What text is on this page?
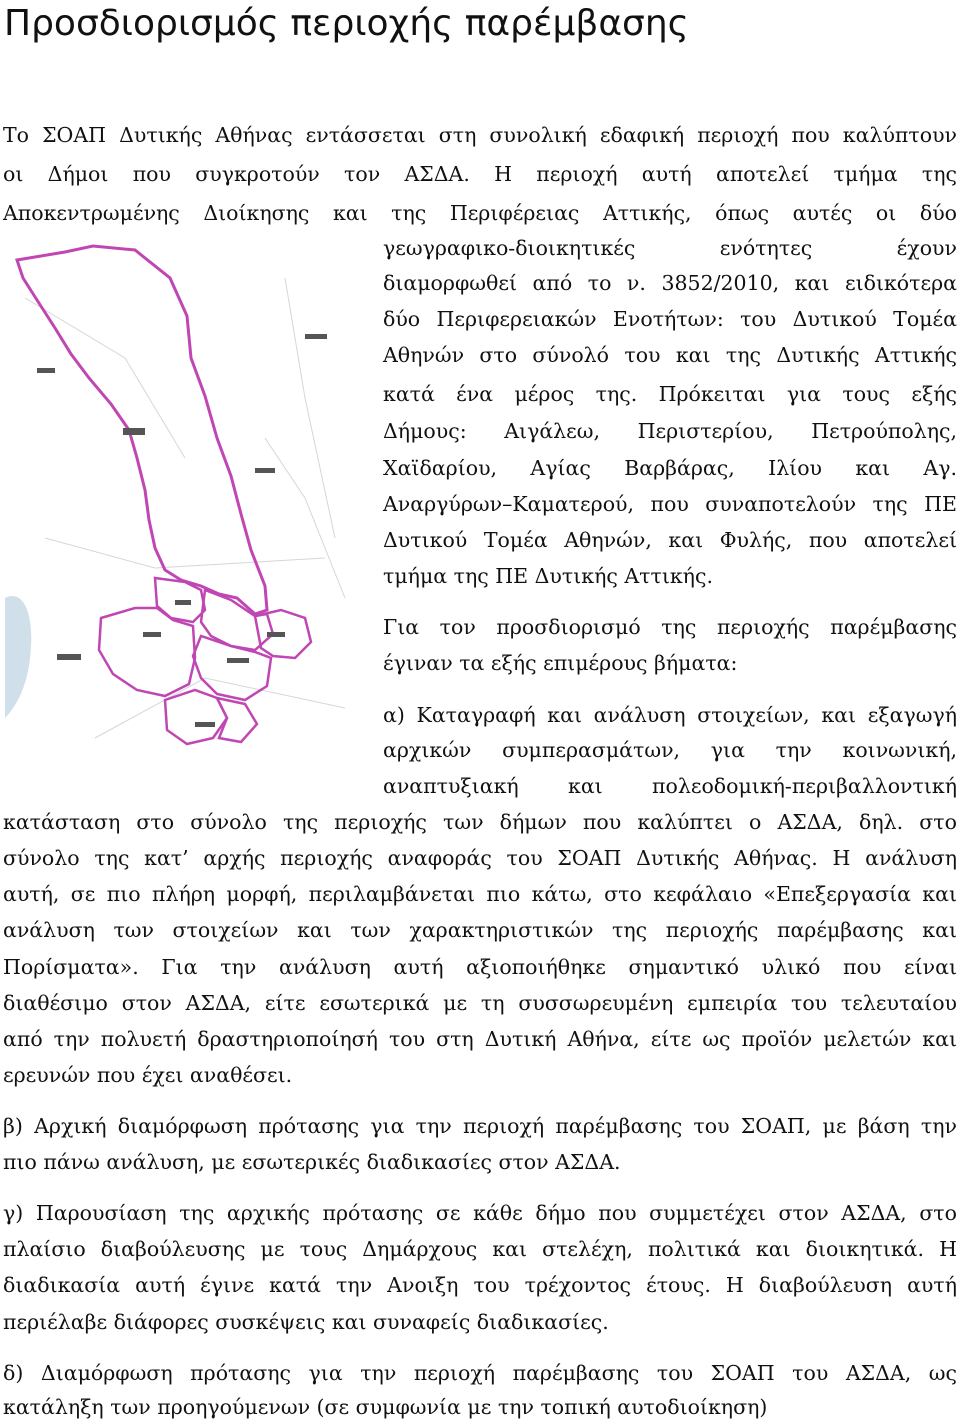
Προσδιορισμός περιοχής παρέμβασης

Το ΣΟΑΠ Δυτικής Αθήνας εντάσσεται στη συνολική εδαφική περιοχή που καλύπτουν

οι Δήμοι που συγκροτούν τον ΑΣΔΑ. Η περιοχή αυτή αποτελεί τμήμα της

Αποκεντρωμένης Διοίκησης και της Περιφέρειας Αττικής, όπως αυτές οι δύο

γεωγραφικο-διοικητικές ενότητες έχουν

διαμορφωθεί από το ν. 3852/2010, και ειδικότερα

δύο Περιφερειακών Ενοτήτων: του Δυτικού Τομέα

Αθηνών στο σύνολό του και της Δυτικής Αττικής

κατά ένα μέρος της. Πρόκειται για τους εξής

Δήμους: Αιγάλεω, Περιστερίου, Πετρούπολης,

Χαϊδαρίου, Αγίας Βαρβάρας, Ιλίου και Αγ.

Αναργύρων–Καματερού, που συναποτελούν της ΠΕ

Δυτικού Τομέα Αθηνών, και Φυλής, που αποτελεί

τμήμα της ΠΕ Δυτικής Αττικής.

Για τον προσδιορισμό της περιοχής παρέμβασης

έγιναν τα εξής επιμέρους βήματα:

α) Καταγραφή και ανάλυση στοιχείων, και εξαγωγή

αρχικών συμπερασμάτων, για την κοινωνική,

αναπτυξιακή και πολεοδομική-περιβαλλοντική

κατάσταση στο σύνολο της περιοχής των δήμων που καλύπτει ο ΑΣΔΑ, δηλ. στο

σύνολο της κατ’ αρχής περιοχής αναφοράς του ΣΟΑΠ Δυτικής Αθήνας. Η ανάλυση

αυτή, σε πιο πλήρη μορφή, περιλαμβάνεται πιο κάτω, στο κεφάλαιο «Επεξεργασία και

ανάλυση των στοιχείων και των χαρακτηριστικών της περιοχής παρέμβασης και

Πορίσματα». Για την ανάλυση αυτή αξιοποιήθηκε σημαντικό υλικό που είναι

διαθέσιμο στον ΑΣΔΑ, είτε εσωτερικά με τη συσσωρευμένη εμπειρία του τελευταίου

από την πολυετή δραστηριοποίησή του στη Δυτική Αθήνα, είτε ως προϊόν μελετών και

ερευνών που έχει αναθέσει.

β) Αρχική διαμόρφωση πρότασης για την περιοχή παρέμβασης του ΣΟΑΠ, με βάση την

πιο πάνω ανάλυση, με εσωτερικές διαδικασίες στον ΑΣΔΑ.

γ) Παρουσίαση της αρχικής πρότασης σε κάθε δήμο που συμμετέχει στον ΑΣΔΑ, στο

πλαίσιο διαβούλευσης με τους Δημάρχους και στελέχη, πολιτικά και διοικητικά. Η

διαδικασία αυτή έγινε κατά την Ανοιξη του τρέχοντος έτους. Η διαβούλευση αυτή

περιέλαβε διάφορες συσκέψεις και συναφείς διαδικασίες.

δ) Διαμόρφωση πρότασης για την περιοχή παρέμβασης του ΣΟΑΠ του ΑΣΔΑ, ως

κατάληξη των προηγούμενων (σε συμφωνία με την τοπική αυτοδιοίκηση)
